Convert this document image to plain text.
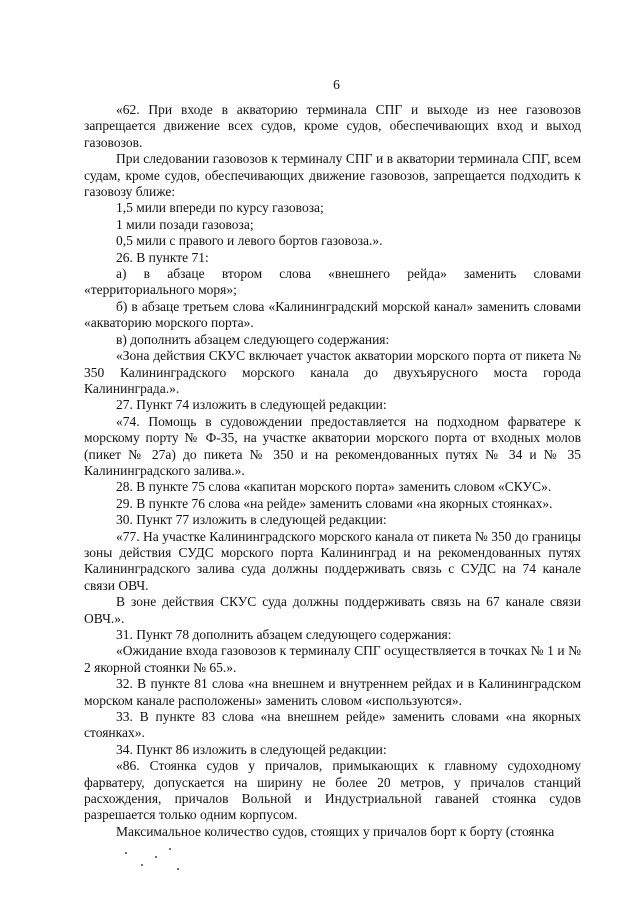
6

«62. При входе в акваторию терминала СПГ и выходе из нее газовозов запрещается движение всех судов, кроме судов, обеспечивающих вход и выход газовозов.

При следовании газовозов к терминалу СПГ и в акватории терминала СПГ, всем судам, кроме судов, обеспечивающих движение газовозов, запрещается подходить к газовозу ближе:

1,5 мили впереди по курсу газовоза;

1 мили позади газовоза;

0,5 мили с правого и левого бортов газовоза.».

26. В пункте 71:

а) в абзаце втором слова «внешнего рейда» заменить словами «территориального моря»;

б) в абзаце третьем слова «Калининградский морской канал» заменить словами «акваторию морского порта».

в) дополнить абзацем следующего содержания:

«Зона действия СКУС включает участок акватории морского порта от пикета № 350 Калининградского морского канала до двухъярусного моста города Калининграда.».

27. Пункт 74 изложить в следующей редакции:

«74. Помощь в судовождении предоставляется на подходном фарватере к морскому порту № Ф-35, на участке акватории морского порта от входных молов (пикет № 27а) до пикета № 350 и на рекомендованных путях № 34 и № 35 Калининградского залива.».

28. В пункте 75 слова «капитан морского порта» заменить словом «СКУС».

29. В пункте 76 слова «на рейде» заменить словами «на якорных стоянках».

30. Пункт 77 изложить в следующей редакции:

«77. На участке Калининградского морского канала от пикета № 350 до границы зоны действия СУДС морского порта Калининград и на рекомендованных путях Калининградского залива суда должны поддерживать связь с СУДС на 74 канале связи ОВЧ.

В зоне действия СКУС суда должны поддерживать связь на 67 канале связи ОВЧ.».

31. Пункт 78 дополнить абзацем следующего содержания:

«Ожидание входа газовозов к терминалу СПГ осуществляется в точках № 1 и № 2 якорной стоянки № 65.».

32. В пункте 81 слова «на внешнем и внутреннем рейдах и в Калининградском морском канале расположены» заменить словом «используются».

33. В пункте 83 слова «на внешнем рейде» заменить словами «на якорных стоянках».

34. Пункт 86 изложить в следующей редакции:

«86. Стоянка судов у причалов, примыкающих к главному судоходному фарватеру, допускается на ширину не более 20 метров, у причалов станций расхождения, причалов Вольной и Индустриальной гаваней стоянка судов разрешается только одним корпусом.

Максимальное количество судов, стоящих у причалов борт к борту (стоянка
